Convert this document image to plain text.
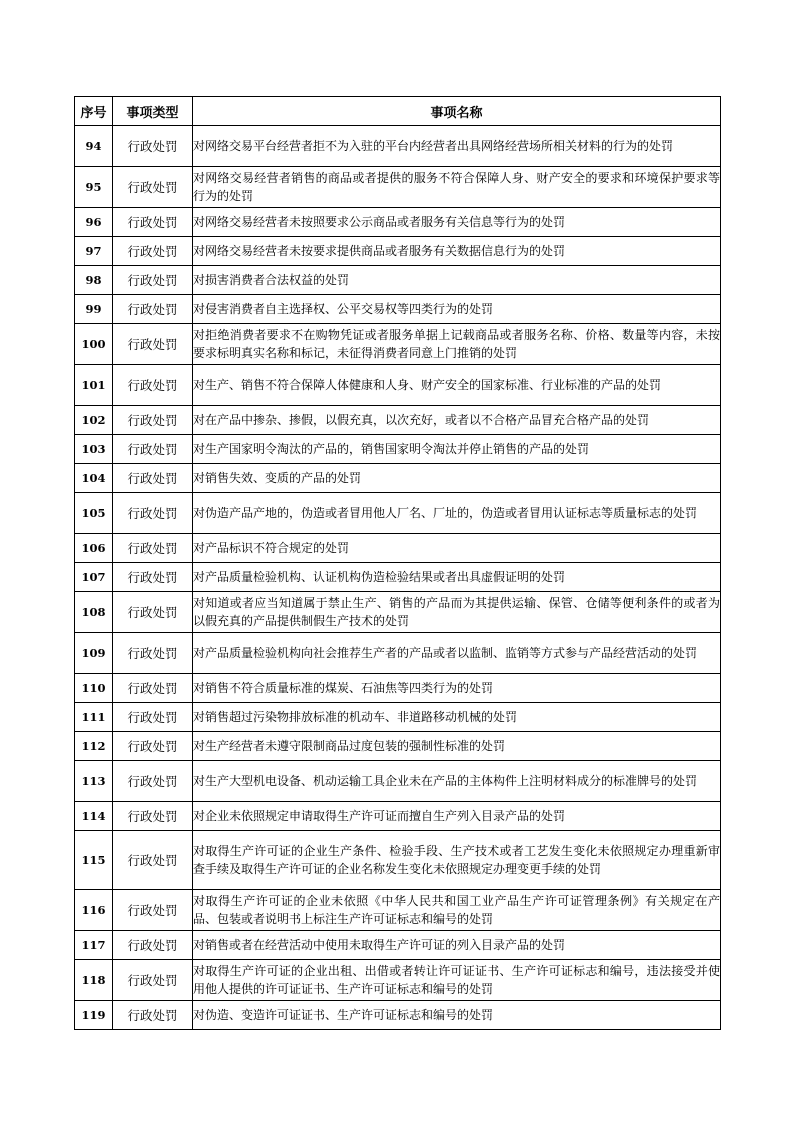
序号	事项类型	事项名称
94	行政处罚	对网络交易平台经营者拒不为入驻的平台内经营者出具网络经营场所相关材料的行为的处罚
95	行政处罚	对网络交易经营者销售的商品或者提供的服务不符合保障人身、财产安全的要求和环境保护要求等行为的处罚
96	行政处罚	对网络交易经营者未按照要求公示商品或者服务有关信息等行为的处罚
97	行政处罚	对网络交易经营者未按要求提供商品或者服务有关数据信息行为的处罚
98	行政处罚	对损害消费者合法权益的处罚
99	行政处罚	对侵害消费者自主选择权、公平交易权等四类行为的处罚
100	行政处罚	对拒绝消费者要求不在购物凭证或者服务单据上记载商品或者服务名称、价格、数量等内容，未按要求标明真实名称和标记，未征得消费者同意上门推销的处罚
101	行政处罚	对生产、销售不符合保障人体健康和人身、财产安全的国家标准、行业标准的产品的处罚
102	行政处罚	对在产品中掺杂、掺假，以假充真，以次充好，或者以不合格产品冒充合格产品的处罚
103	行政处罚	对生产国家明令淘汰的产品的，销售国家明令淘汰并停止销售的产品的处罚
104	行政处罚	对销售失效、变质的产品的处罚
105	行政处罚	对伪造产品产地的，伪造或者冒用他人厂名、厂址的，伪造或者冒用认证标志等质量标志的处罚
106	行政处罚	对产品标识不符合规定的处罚
107	行政处罚	对产品质量检验机构、认证机构伪造检验结果或者出具虚假证明的处罚
108	行政处罚	对知道或者应当知道属于禁止生产、销售的产品而为其提供运输、保管、仓储等便利条件的或者为以假充真的产品提供制假生产技术的处罚
109	行政处罚	对产品质量检验机构向社会推荐生产者的产品或者以监制、监销等方式参与产品经营活动的处罚
110	行政处罚	对销售不符合质量标准的煤炭、石油焦等四类行为的处罚
111	行政处罚	对销售超过污染物排放标准的机动车、非道路移动机械的处罚
112	行政处罚	对生产经营者未遵守限制商品过度包装的强制性标准的处罚
113	行政处罚	对生产大型机电设备、机动运输工具企业未在产品的主体构件上注明材料成分的标准牌号的处罚
114	行政处罚	对企业未依照规定申请取得生产许可证而擅自生产列入目录产品的处罚
115	行政处罚	对取得生产许可证的企业生产条件、检验手段、生产技术或者工艺发生变化未依照规定办理重新审查手续及取得生产许可证的企业名称发生变化未依照规定办理变更手续的处罚
116	行政处罚	对取得生产许可证的企业未依照《中华人民共和国工业产品生产许可证管理条例》有关规定在产品、包装或者说明书上标注生产许可证标志和编号的处罚
117	行政处罚	对销售或者在经营活动中使用未取得生产许可证的列入目录产品的处罚
118	行政处罚	对取得生产许可证的企业出租、出借或者转让许可证证书、生产许可证标志和编号，违法接受并使用他人提供的许可证证书、生产许可证标志和编号的处罚
119	行政处罚	对伪造、变造许可证证书、生产许可证标志和编号的处罚
